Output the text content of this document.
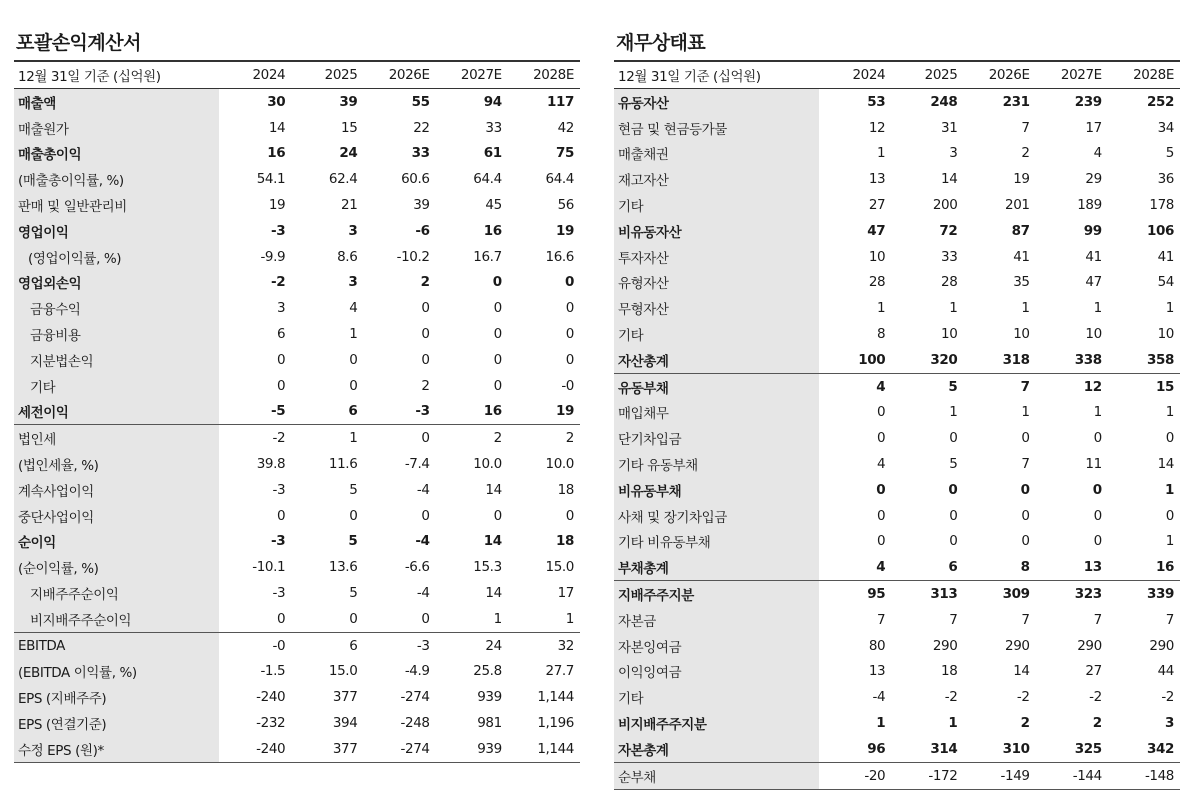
포괄손익계산서
12월 31일 기준 (십억원)	2024	2025	2026E	2027E	2028E
매출액	30	39	55	94	117
매출원가	14	15	22	33	42
매출총이익	16	24	33	61	75
(매출총이익률, %)	54.1	62.4	60.6	64.4	64.4
판매 및 일반관리비	19	21	39	45	56
영업이익	-3	3	-6	16	19
(영업이익률, %)	-9.9	8.6	-10.2	16.7	16.6
영업외손익	-2	3	2	0	0
금융수익	3	4	0	0	0
금융비용	6	1	0	0	0
지분법손익	0	0	0	0	0
기타	0	0	2	0	-0
세전이익	-5	6	-3	16	19
법인세	-2	1	0	2	2
(법인세율, %)	39.8	11.6	-7.4	10.0	10.0
계속사업이익	-3	5	-4	14	18
중단사업이익	0	0	0	0	0
순이익	-3	5	-4	14	18
(순이익률, %)	-10.1	13.6	-6.6	15.3	15.0
지배주주순이익	-3	5	-4	14	17
비지배주주순이익	0	0	0	1	1
EBITDA	-0	6	-3	24	32
(EBITDA 이익률, %)	-1.5	15.0	-4.9	25.8	27.7
EPS (지배주주)	-240	377	-274	939	1,144
EPS (연결기준)	-232	394	-248	981	1,196
수정 EPS (원)*	-240	377	-274	939	1,144
재무상태표
12월 31일 기준 (십억원)	2024	2025	2026E	2027E	2028E
유동자산	53	248	231	239	252
현금 및 현금등가물	12	31	7	17	34
매출채권	1	3	2	4	5
재고자산	13	14	19	29	36
기타	27	200	201	189	178
비유동자산	47	72	87	99	106
투자자산	10	33	41	41	41
유형자산	28	28	35	47	54
무형자산	1	1	1	1	1
기타	8	10	10	10	10
자산총계	100	320	318	338	358
유동부채	4	5	7	12	15
매입채무	0	1	1	1	1
단기차입금	0	0	0	0	0
기타 유동부채	4	5	7	11	14
비유동부채	0	0	0	0	1
사채 및 장기차입금	0	0	0	0	0
기타 비유동부채	0	0	0	0	1
부채총계	4	6	8	13	16
지배주주지분	95	313	309	323	339
자본금	7	7	7	7	7
자본잉여금	80	290	290	290	290
이익잉여금	13	18	14	27	44
기타	-4	-2	-2	-2	-2
비지배주주지분	1	1	2	2	3
자본총계	96	314	310	325	342
순부채	-20	-172	-149	-144	-148
